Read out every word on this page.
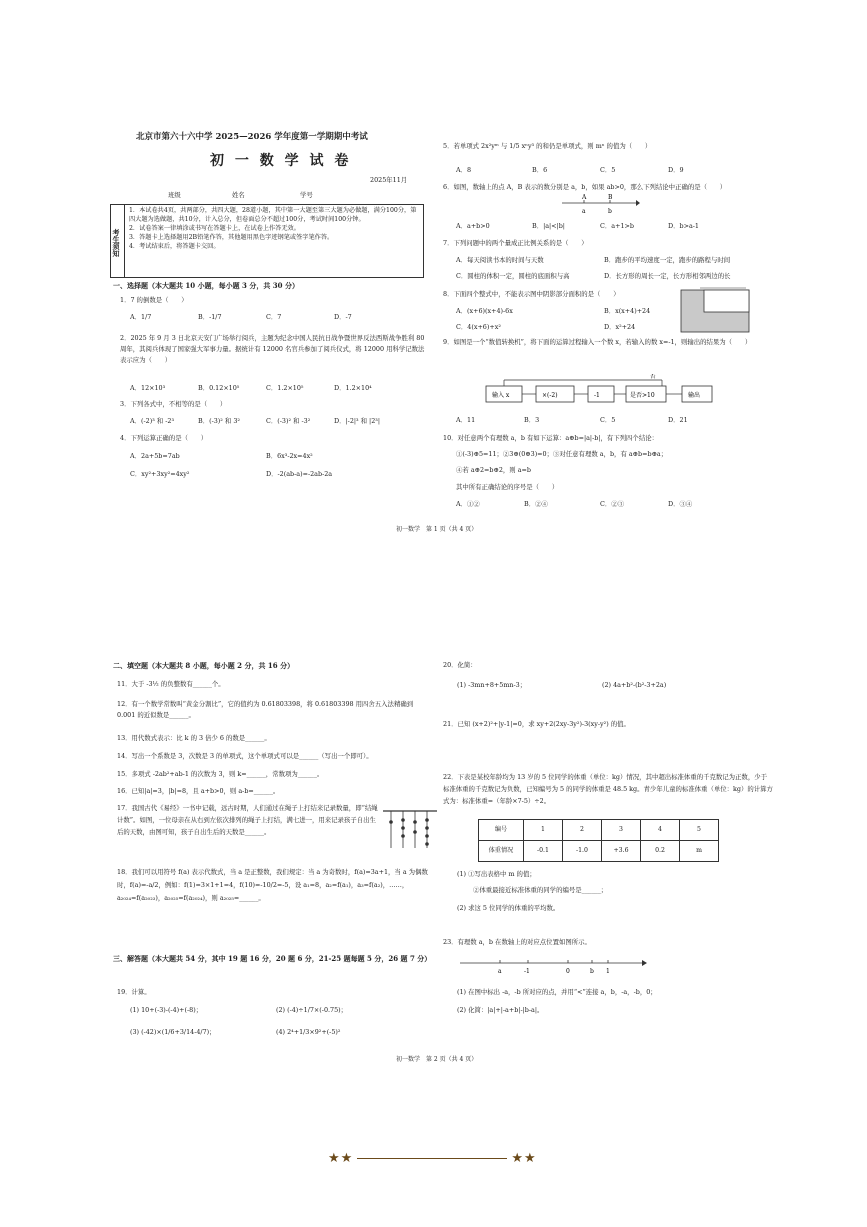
北京市第六十六中学 2025—2026 学年度第一学期期中考试
初 一 数 学 试 卷
2025年11月
班级	姓名	学号
考生须知
1．本试卷共4页，共两部分，共四大题，28道小题，其中第一大题至第三大题为必做题，满分100分，第四大题为选做题，共10分，计入总分，但卷面总分不超过100分，考试时间100分钟。
2．试卷答案一律填涂或书写在答题卡上，在试卷上作答无效。
3．答题卡上选择题用2B铅笔作答，其他题用黑色字迹钢笔或签字笔作答。
4．考试结束后，将答题卡交回。
一、选择题（本大题共 10 小题，每小题 3 分，共 30 分）
1．7 的倒数是（　　）
A．1/7	B．-1/7	C．7	D．-7
2．2025 年 9 月 3 日北京天安门广场举行阅兵，主题为纪念中国人民抗日战争暨世界反法西斯战争胜利 80 周年，其阅兵体现了国家强大军事力量。据统计有 12000 名官兵参加了阅兵仪式，将 12000 用科学记数法表示应为（　　）
A．12×10³	B．0.12×10⁵	C．1.2×10⁵	D．1.2×10⁴
3．下列各式中，不相等的是（　　）
A．(-2)³ 和 -2³	B．(-3)² 和 3²	C．(-3)² 和 -3²	D．|-2|³ 和 |2³|
4．下列运算正确的是（　　）
A．2a+5b=7ab	B．6x³-2x=4x²
C．xy²+3xy²=4xy²	D．-2(ab-a)=-2ab-2a
5．若单项式 2x²yᵐ 与 1/5 xⁿy³ 的和仍是单项式，则 mⁿ 的值为（　　）
A．8	B．6	C．5	D．9
6．如图，数轴上的点 A，B 表示的数分别是 a，b，如果 ab>0，那么下列结论中正确的是（　　）
A	B
a	b
A．a+b>0	B．|a|<|b|	C．a+1>b	D．b>a-1
7．下列问题中的两个量成正比例关系的是（　　）
A．每天阅读书本的时间与天数	B．跑步的平均速度一定，跑步的路程与时间
C．圆柱的体积一定，圆柱的底面积与高	D．长方形的周长一定，长方形相邻两边的长
8．下面四个整式中，不能表示图中阴影部分面积的是（　　）
A．(x+6)(x+4)-6x	B．x(x+4)+24
C．4(x+6)+x²	D．x²+24
9．如图是一个“数值转换机”，将下面的运算过程输入一个数 x，若输入的数 x=-1，则输出的结果为（　　）
输入 x	×(-2)	-1	是否>10
否
输出
A．11	B．3	C．5	D．21
10．对任意两个有理数 a，b 有如下运算：a⊕b=|a|-b|，有下列四个结论：
①(-3)⊕5=11；②3⊕(0⊕3)=0；③对任意有理数 a，b，有 a⊕b=b⊕a；
④若 a⊕2=b⊕2，则 a=b
其中所有正确结论的序号是（　　）
A．①②	B．②④	C．②③	D．③④
初一数学　第 1 页（共 4 页）
二、填空题（本大题共 8 小题，每小题 2 分，共 16 分）
11．大于 -3½ 的负整数有______个。
12．有一个数学常数叫“黄金分割比”，它的值约为 0.61803398，将 0.61803398 用四舍五入法精确到 0.001 的近似数是______。
13．用代数式表示：比 k 的 3 倍少 6 的数是______。
14．写出一个系数是 3，次数是 3 的单项式，这个单项式可以是______（写出一个即可）。
15．多项式 -2ab²+ab-1 的次数为 3，则 k=______，常数项为______。
16．已知|a|=3，|b|=8，且 a+b>0，则 a-b=______。
17．我国古代《易经》一书中记载，远古时期，人们通过在绳子上打结来记录数量，即“结绳计数”。如图，一位母亲在从右到左依次排列的绳子上打结，满七进一，用来记录孩子自出生后的天数，由图可知，孩子自出生后的天数是______。
18．我们可以用符号 f(a) 表示代数式，当 a 是正整数，我们规定：当 a 为奇数时，f(a)=3a+1，当 a 为偶数时，f(a)=-a/2，例如：f(1)=3×1+1=4，f(10)=-10/2=-5，设 a₁=8，a₂=f(a₁)，a₃=f(a₂)，……，a₂₀₂₄=f(a₂₀₂₃)，a₂₀₂₅=f(a₂₀₂₄)，则 a₂₀₂₅=______。
三、解答题（本大题共 54 分，其中 19 题 16 分，20 题 6 分，21-25 题每题 5 分，26 题 7 分）
19．计算。
(1) 10+(-3)-(-4)+(-8)；	(2) (-4)÷1/7×(-0.75)；
(3) (-42)×(1/6+3/14-4/7)；	(4) 2⁴+1/3×9²+(-5)²
20．化简：
(1) -3mn+8+5mn-3；	(2) 4a+b²-(b²-3+2a)
21．已知 (x+2)²+|y-1|=0，求 xy+2(2xy-3y²)-3(xy-y²) 的值。
22．下表是某校年龄均为 13 岁的 5 位同学的体重（单位：kg）情况，其中超出标准体重的千克数记为正数，少于标准体重的千克数记为负数，已知编号为 5 的同学的体重是 48.5 kg。青少年儿童的标准体重（单位：kg）的计算方式为：标准体重=（年龄×7-5）÷2。
编号	1	2	3	4	5
体重情况	-0.1	-1.0	+3.6	0.2	m
(1) ①写出表格中 m 的值；
②体重最接近标准体重的同学的编号是______；
(2) 求这 5 位同学的体重的平均数。
23．有理数 a，b 在数轴上的对应点位置如图所示。
a	-1	0	b 1
(1) 在图中标出 -a，-b 所对应的点，并用“<”连接 a，b，-a，-b，0；
(2) 化简：|a|+|-a+b|-|b-a|。
初一数学　第 2 页（共 4 页）
★★	★★
